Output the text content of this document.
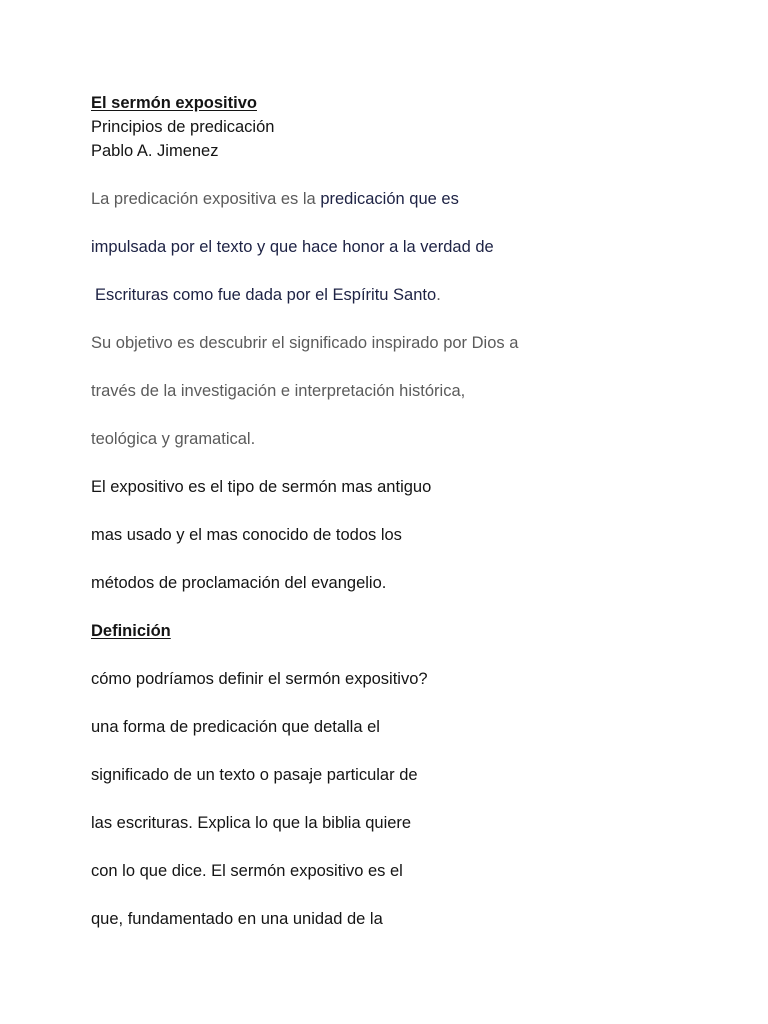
El sermón expositivo
Principios de predicación
Pablo A. Jimenez
La predicación expositiva es la predicación que es
impulsada por el texto y que hace honor a la verdad de
Escrituras como fue dada por el Espíritu Santo.
Su objetivo es descubrir el significado inspirado por Dios a
través de la investigación e interpretación histórica,
teológica y gramatical.
El expositivo es el tipo de sermón mas antiguo
mas usado y el mas conocido de todos los
métodos de proclamación del evangelio.
Definición
cómo podríamos definir el sermón expositivo?
una forma de predicación que detalla el
significado de un texto o pasaje particular de
las escrituras. Explica lo que la biblia quiere
con lo que dice. El sermón expositivo es el
que, fundamentado en una unidad de la
